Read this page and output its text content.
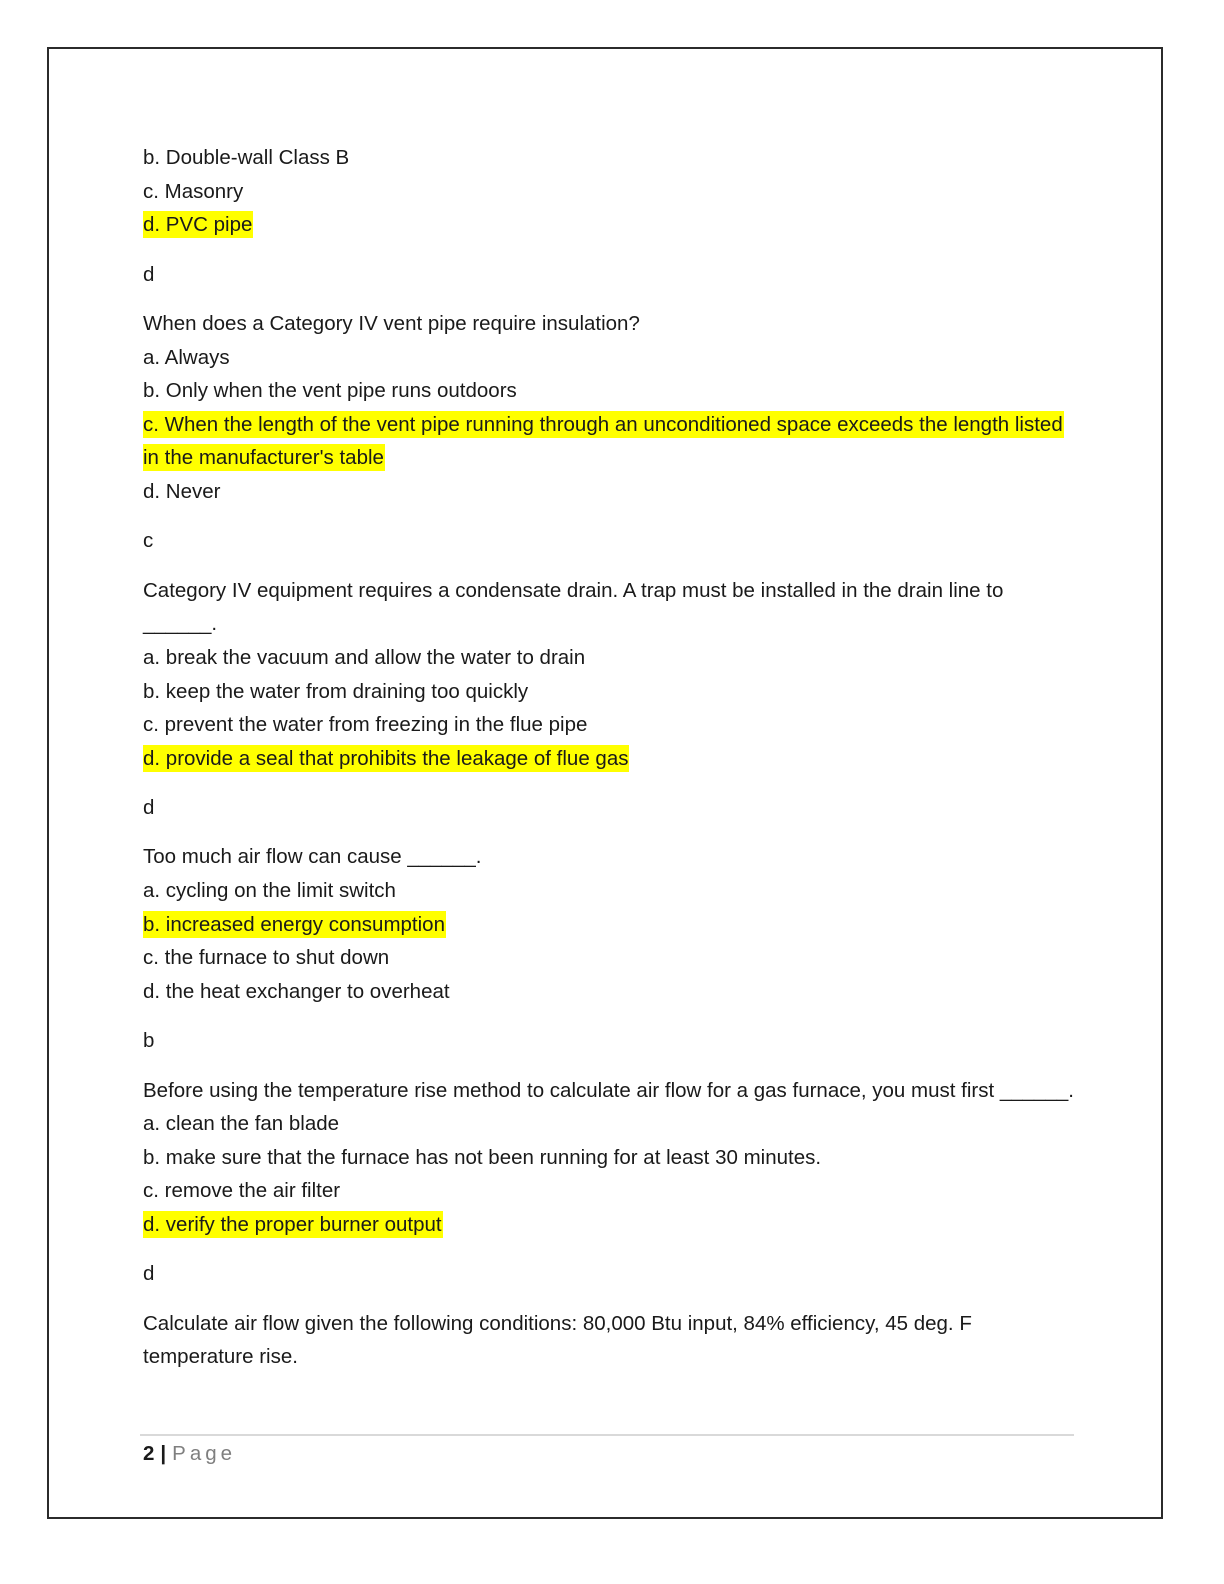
b. Double-wall Class B

c. Masonry

d. PVC pipe

d

When does a Category IV vent pipe require insulation?

a. Always

b. Only when the vent pipe runs outdoors

c. When the length of the vent pipe running through an unconditioned space exceeds the length listed in the manufacturer's table

d. Never

c

Category IV equipment requires a condensate drain. A trap must be installed in the drain line to ______.

a. break the vacuum and allow the water to drain

b. keep the water from draining too quickly

c. prevent the water from freezing in the flue pipe

d. provide a seal that prohibits the leakage of flue gas

d

Too much air flow can cause ______.

a. cycling on the limit switch

b. increased energy consumption

c. the furnace to shut down

d. the heat exchanger to overheat

b

Before using the temperature rise method to calculate air flow for a gas furnace, you must first ______.

a. clean the fan blade

b. make sure that the furnace has not been running for at least 30 minutes.

c. remove the air filter

d. verify the proper burner output

d

Calculate air flow given the following conditions: 80,000 Btu input, 84% efficiency, 45 deg. F temperature rise.

2 | Page
